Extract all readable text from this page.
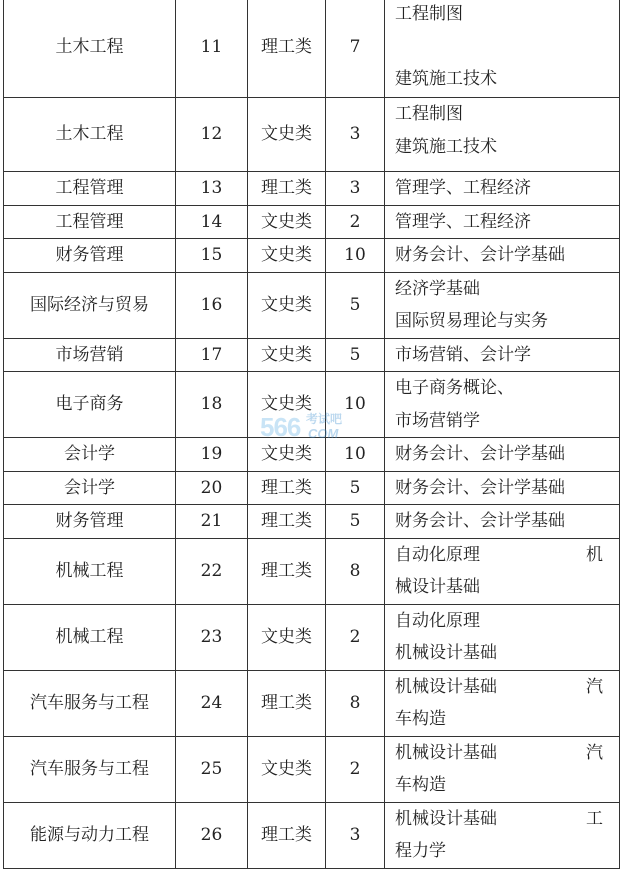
土木工程	11	理工类	7	工程制图
建筑施工技术

土木工程	12	文史类	3	工程制图
建筑施工技术

工程管理	13	理工类	3	管理学、工程经济

工程管理	14	文史类	2	管理学、工程经济

财务管理	15	文史类	10	财务会计、会计学基础

国际经济与贸易	16	文史类	5	经济学基础
国际贸易理论与实务

市场营销	17	文史类	5	市场营销、会计学

电子商务	18	文史类	10	电子商务概论、
市场营销学

会计学	19	文史类	10	财务会计、会计学基础

会计学	20	理工类	5	财务会计、会计学基础

财务管理	21	理工类	5	财务会计、会计学基础

机械工程	22	理工类	8	自动化原理 机
械设计基础

机械工程	23	文史类	2	自动化原理
机械设计基础

汽车服务与工程	24	理工类	8	机械设计基础 汽
车构造

汽车服务与工程	25	文史类	2	机械设计基础 汽
车构造

能源与动力工程	26	理工类	3	机械设计基础 工
程力学
566 考试吧
COM
